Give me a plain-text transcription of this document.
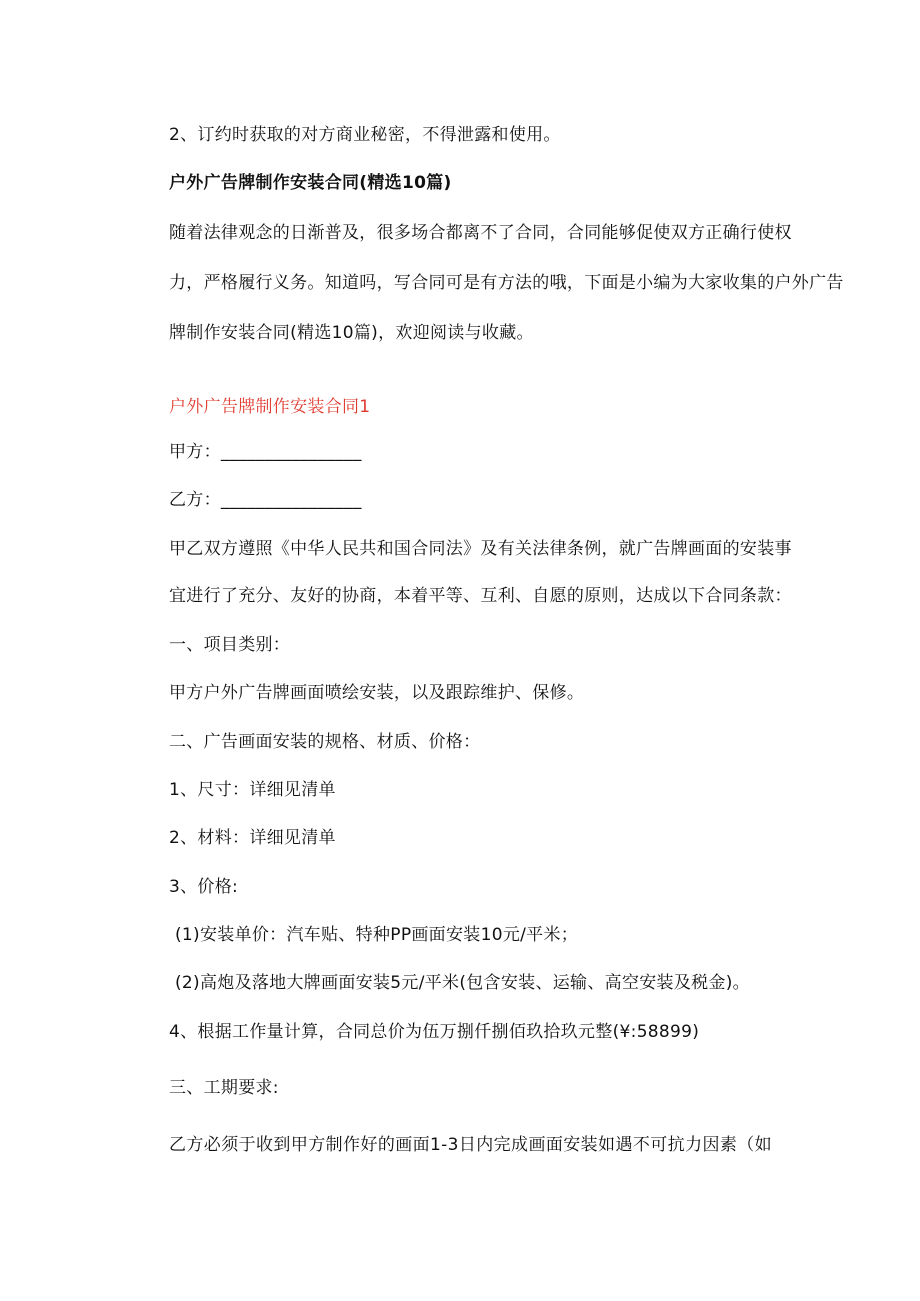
2、订约时获取的对方商业秘密，不得泄露和使用。
户外广告牌制作安装合同(精选10篇)
随着法律观念的日渐普及，很多场合都离不了合同，合同能够促使双方正确行使权
力，严格履行义务。知道吗，写合同可是有方法的哦，下面是小编为大家收集的户外广告
牌制作安装合同(精选10篇)，欢迎阅读与收藏。
户外广告牌制作安装合同1
甲方：________________
乙方：________________
甲乙双方遵照《中华人民共和国合同法》及有关法律条例，就广告牌画面的安装事
宜进行了充分、友好的协商，本着平等、互利、自愿的原则，达成以下合同条款：
一、项目类别：
甲方户外广告牌画面喷绘安装，以及跟踪维护、保修。
二、广告画面安装的规格、材质、价格：
1、尺寸：详细见清单
2、材料：详细见清单
3、价格:
(1)安装单价：汽车贴、特种PP画面安装10元/平米；
(2)高炮及落地大牌画面安装5元/平米(包含安装、运输、高空安装及税金)。
4、根据工作量计算，合同总价为伍万捌仟捌佰玖拾玖元整(¥:58899)
三、工期要求:
乙方必须于收到甲方制作好的画面1-3日内完成画面安装如遇不可抗力因素（如
